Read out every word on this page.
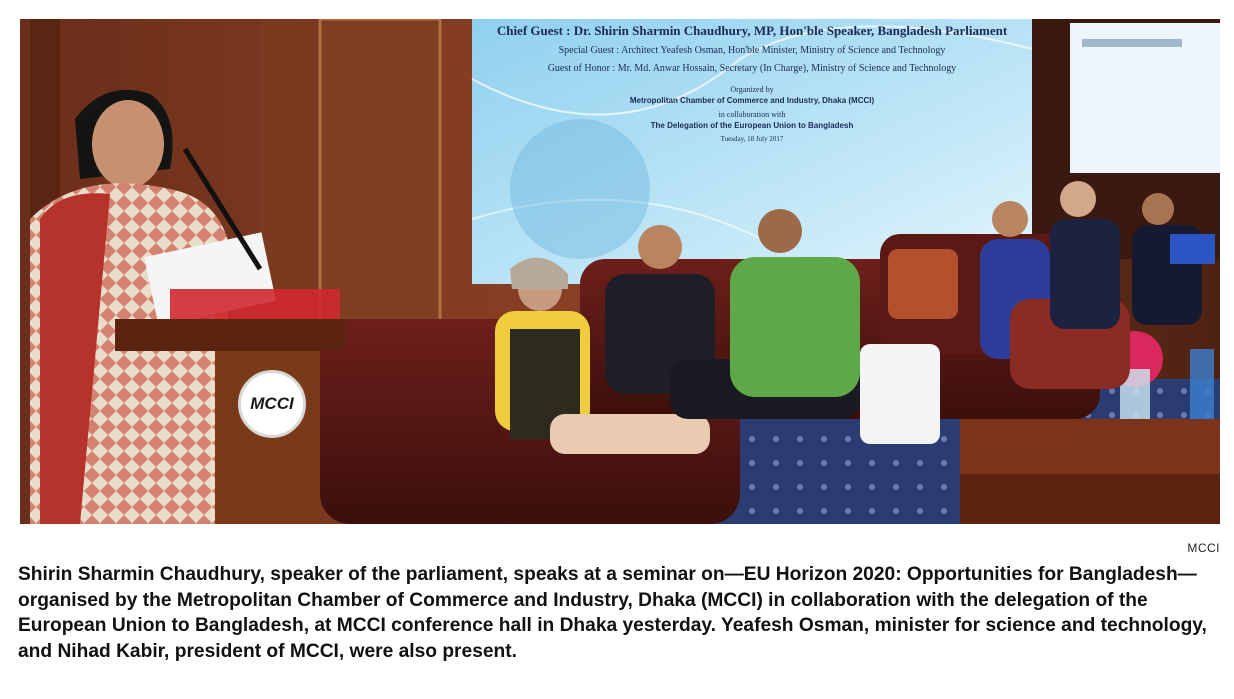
Chief Guest : Dr. Shirin Sharmin Chaudhury, MP, Hon'ble Speaker, Bangladesh Parliament
Special Guest : Architect Yeafesh Osman, Hon'ble Minister, Ministry of Science and Technology
Guest of Honor : Mr. Md. Anwar Hossain, Secretary (In Charge), Ministry of Science and Technology
Organized by
Metropolitan Chamber of Commerce and Industry, Dhaka (MCCI)
in collaboration with
The Delegation of the European Union to Bangladesh
Tuesday, 18 July 2017
MCCI
MCCI

Shirin Sharmin Chaudhury, speaker of the parliament, speaks at a seminar on—EU Horizon 2020: Opportunities for Bangladesh—organised by the Metropolitan Chamber of Commerce and Industry, Dhaka (MCCI) in collaboration with the delegation of the European Union to Bangladesh, at MCCI conference hall in Dhaka yesterday. Yeafesh Osman, minister for science and technology, and Nihad Kabir, president of MCCI, were also present.
